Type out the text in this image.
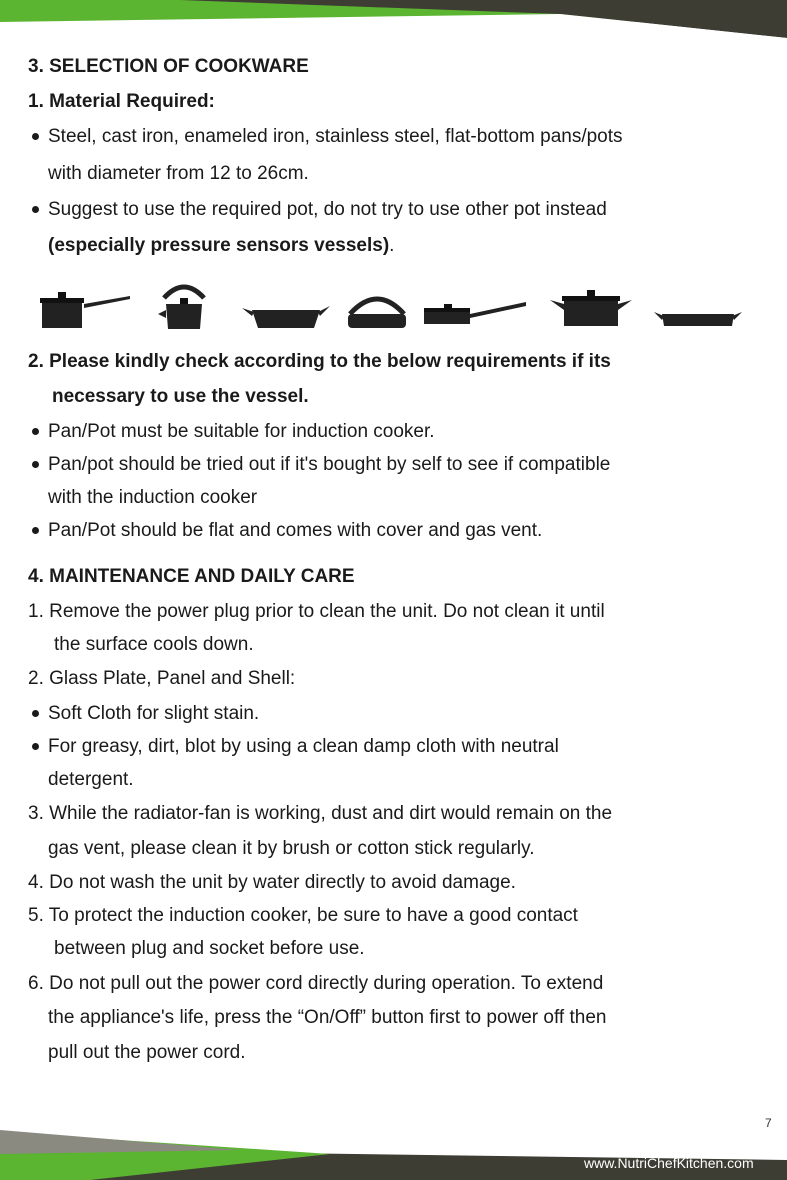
3. SELECTION OF COOKWARE
1. Material Required:
Steel, cast iron, enameled iron, stainless steel, flat-bottom pans/pots
with diameter from 12 to 26cm.
Suggest to use the required pot, do not try to use other pot instead
(especially pressure sensors vessels).
2. Please kindly check according to the below requirements if its
necessary to use the vessel.
Pan/Pot must be suitable for induction cooker.
Pan/pot should be tried out if it's bought by self to see if compatible
with the induction cooker
Pan/Pot should be flat and comes with cover and gas vent.
4. MAINTENANCE AND DAILY CARE
1. Remove the power plug prior to clean the unit. Do not clean it until
the surface cools down.
2. Glass Plate, Panel and Shell:
Soft Cloth for slight stain.
For greasy, dirt, blot by using a clean damp cloth with neutral
detergent.
3. While the radiator-fan is working, dust and dirt would remain on the
gas vent, please clean it by brush or cotton stick regularly.
4. Do not wash the unit by water directly to avoid damage.
5. To protect the induction cooker, be sure to have a good contact
between plug and socket before use.
6. Do not pull out the power cord directly during operation. To extend
the appliance's life, press the “On/Off” button first to power off then
pull out the power cord.
7
www.NutriChefKitchen.com
